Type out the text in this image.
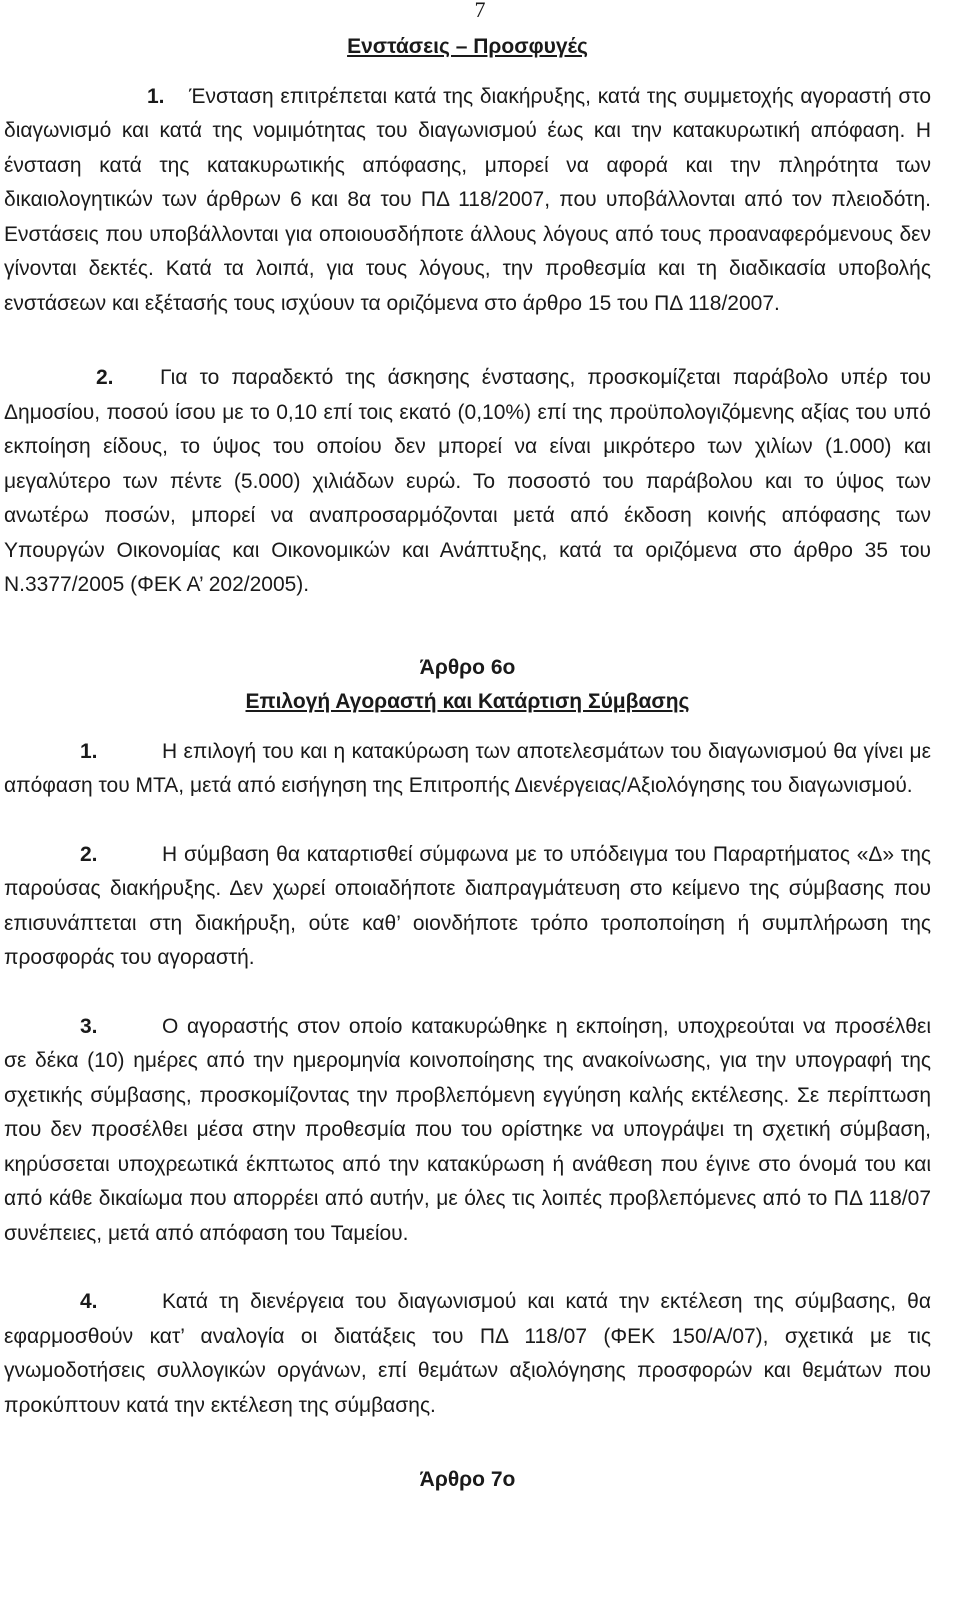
7

Ενστάσεις – Προσφυγές

1. Ένσταση επιτρέπεται κατά της διακήρυξης, κατά της συμμετοχής αγοραστή στο διαγωνισμό και κατά της νομιμότητας του διαγωνισμού έως και την κατακυρωτική απόφαση. Η ένσταση κατά της κατακυρωτικής απόφασης, μπορεί να αφορά και την πληρότητα των δικαιολογητικών των άρθρων 6 και 8α του ΠΔ 118/2007, που υποβάλλονται από τον πλειοδότη. Ενστάσεις που υποβάλλονται για οποιουσδήποτε άλλους λόγους από τους προαναφερόμενους δεν γίνονται δεκτές. Κατά τα λοιπά, για τους λόγους, την προθεσμία και τη διαδικασία υποβολής ενστάσεων και εξέτασής τους ισχύουν τα οριζόμενα στο άρθρο 15 του ΠΔ 118/2007.

2. Για το παραδεκτό της άσκησης ένστασης, προσκομίζεται παράβολο υπέρ του Δημοσίου, ποσού ίσου με το 0,10 επί τοις εκατό (0,10%) επί της προϋπολογιζόμενης αξίας του υπό εκποίηση είδους, το ύψος του οποίου δεν μπορεί να είναι μικρότερο των χιλίων (1.000) και μεγαλύτερο των πέντε (5.000) χιλιάδων ευρώ. Το ποσοστό του παράβολου και το ύψος των ανωτέρω ποσών, μπορεί να αναπροσαρμόζονται μετά από έκδοση κοινής απόφασης των Υπουργών Οικονομίας και Οικονομικών και Ανάπτυξης, κατά τα οριζόμενα στο άρθρο 35 του Ν.3377/2005 (ΦΕΚ Α’ 202/2005).

Άρθρο 6ο

Επιλογή Αγοραστή και Κατάρτιση Σύμβασης

1.	Η επιλογή του και η κατακύρωση των αποτελεσμάτων του διαγωνισμού θα γίνει με απόφαση του ΜΤΑ, μετά από εισήγηση της Επιτροπής Διενέργειας/Αξιολόγησης του διαγωνισμού.

2.	Η σύμβαση θα καταρτισθεί σύμφωνα με το υπόδειγμα του Παραρτήματος «Δ» της παρούσας διακήρυξης. Δεν χωρεί οποιαδήποτε διαπραγμάτευση στο κείμενο της σύμβασης που επισυνάπτεται στη διακήρυξη, ούτε καθ’ οιονδήποτε τρόπο τροποποίηση ή συμπλήρωση της προσφοράς του αγοραστή.

3.	Ο αγοραστής στον οποίο κατακυρώθηκε η εκποίηση, υποχρεούται να προσέλθει σε δέκα (10) ημέρες από την ημερομηνία κοινοποίησης της ανακοίνωσης, για την υπογραφή της σχετικής σύμβασης, προσκομίζοντας την προβλεπόμενη εγγύηση καλής εκτέλεσης. Σε περίπτωση που δεν προσέλθει μέσα στην προθεσμία που του ορίστηκε να υπογράψει τη σχετική σύμβαση, κηρύσσεται υποχρεωτικά έκπτωτος από την κατακύρωση ή ανάθεση που έγινε στο όνομά του και από κάθε δικαίωμα που απορρέει από αυτήν, με όλες τις λοιπές προβλεπόμενες από το ΠΔ 118/07 συνέπειες, μετά από απόφαση του Ταμείου.

4.	Κατά τη διενέργεια του διαγωνισμού και κατά την εκτέλεση της σύμβασης, θα εφαρμοσθούν κατ’ αναλογία οι διατάξεις του ΠΔ 118/07 (ΦΕΚ 150/Α/07), σχετικά με τις γνωμοδοτήσεις συλλογικών οργάνων, επί θεμάτων αξιολόγησης προσφορών και θεμάτων που προκύπτουν κατά την εκτέλεση της σύμβασης.

Άρθρο 7ο
